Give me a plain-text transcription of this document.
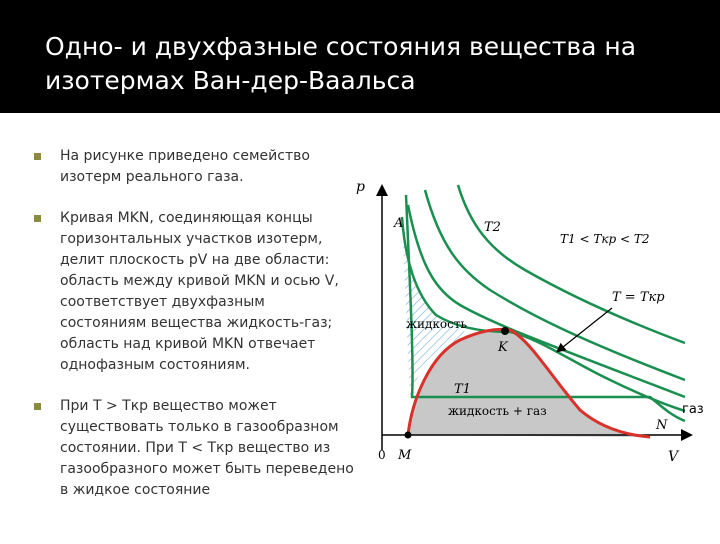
Одно- и двухфазные состояния вещества на
изотермах Ван-дер-Ваальса
На рисунке приведено семейство изотерм реального газа.
Кривая MKN, соединяющая концы горизонтальных участков изотерм, делит плоскость pV на две области: область между кривой MKN и осью V, соответствует двухфазным состояниям вещества жидкость-газ; область над кривой MKN отвечает однофазным состояниям.
При T > Tкр вещество может существовать только в газообразном состоянии. При T < Tкр вещество из газообразного может быть переведено в жидкое состояние
p
V
0
A	T2
T1 < Tкр < T2
T = Tкр
жидкость
K
T1
жидкость + газ	газ
M
N
